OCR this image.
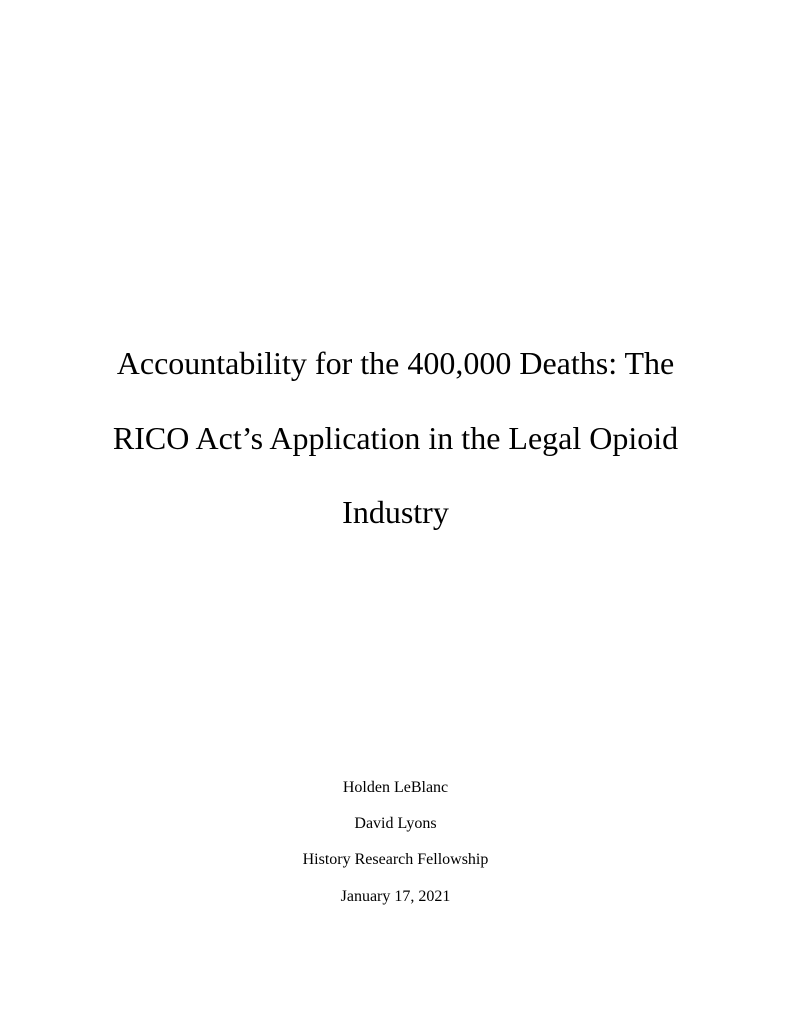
Accountability for the 400,000 Deaths: The
RICO Act’s Application in the Legal Opioid
Industry
Holden LeBlanc
David Lyons
History Research Fellowship
January 17, 2021
